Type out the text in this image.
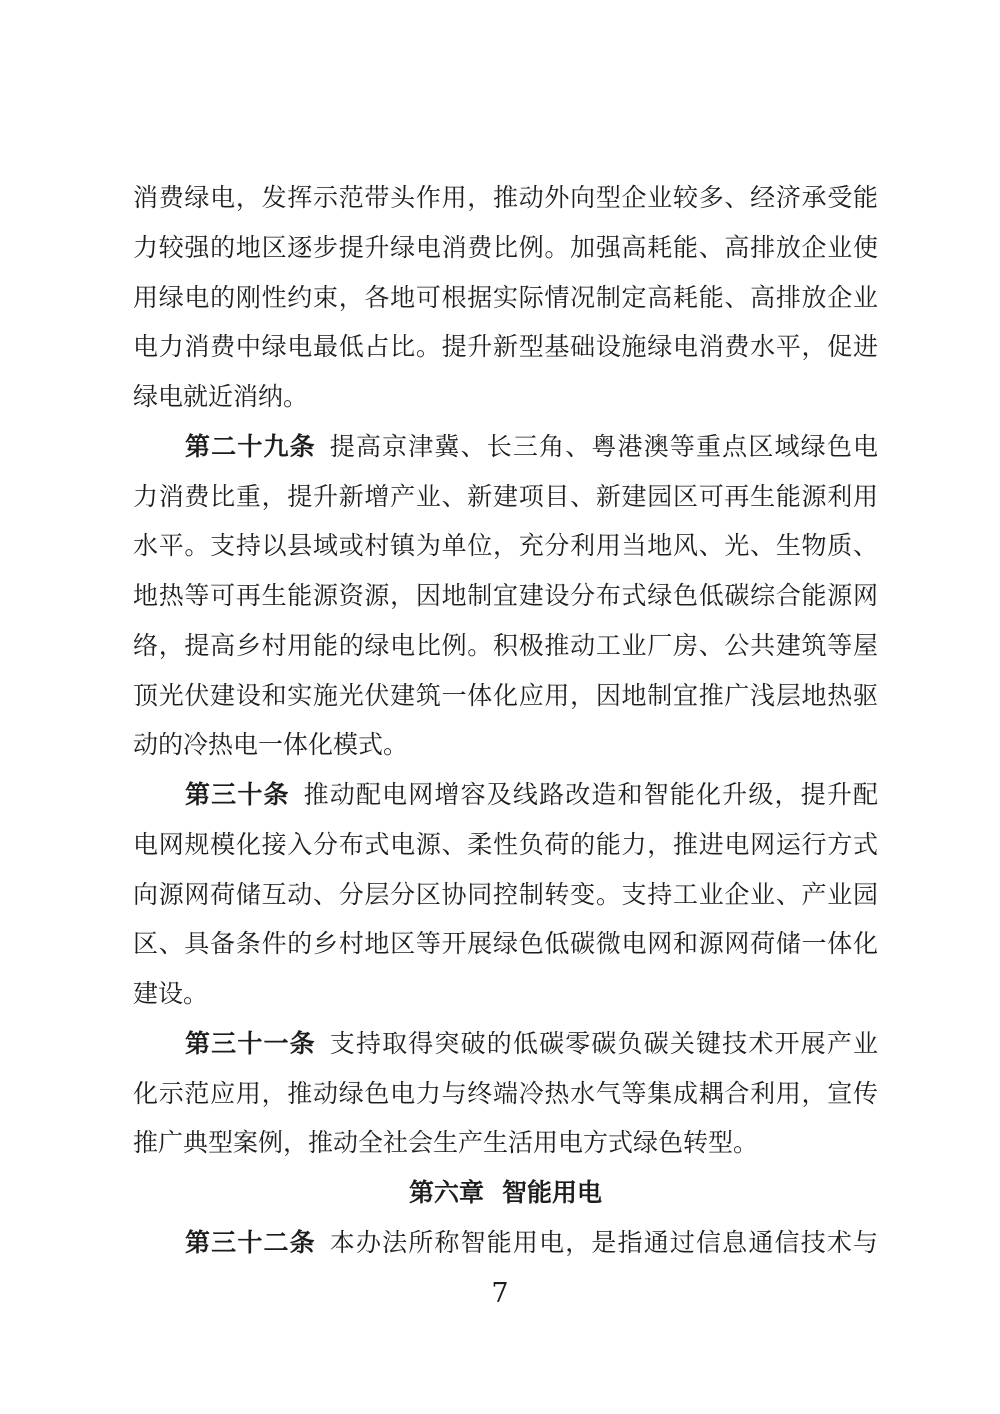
消费绿电，发挥示范带头作用，推动外向型企业较多、经济承受能
力较强的地区逐步提升绿电消费比例。加强高耗能、高排放企业使
用绿电的刚性约束，各地可根据实际情况制定高耗能、高排放企业
电力消费中绿电最低占比。提升新型基础设施绿电消费水平，促进
绿电就近消纳。
第二十九条 提高京津冀、长三角、粤港澳等重点区域绿色电
力消费比重，提升新增产业、新建项目、新建园区可再生能源利用
水平。支持以县域或村镇为单位，充分利用当地风、光、生物质、
地热等可再生能源资源，因地制宜建设分布式绿色低碳综合能源网
络，提高乡村用能的绿电比例。积极推动工业厂房、公共建筑等屋
顶光伏建设和实施光伏建筑一体化应用，因地制宜推广浅层地热驱
动的冷热电一体化模式。
第三十条 推动配电网增容及线路改造和智能化升级，提升配
电网规模化接入分布式电源、柔性负荷的能力，推进电网运行方式
向源网荷储互动、分层分区协同控制转变。支持工业企业、产业园
区、具备条件的乡村地区等开展绿色低碳微电网和源网荷储一体化
建设。
第三十一条 支持取得突破的低碳零碳负碳关键技术开展产业
化示范应用，推动绿色电力与终端冷热水气等集成耦合利用，宣传
推广典型案例，推动全社会生产生活用电方式绿色转型。
第六章 智能用电
第三十二条 本办法所称智能用电，是指通过信息通信技术与
7
